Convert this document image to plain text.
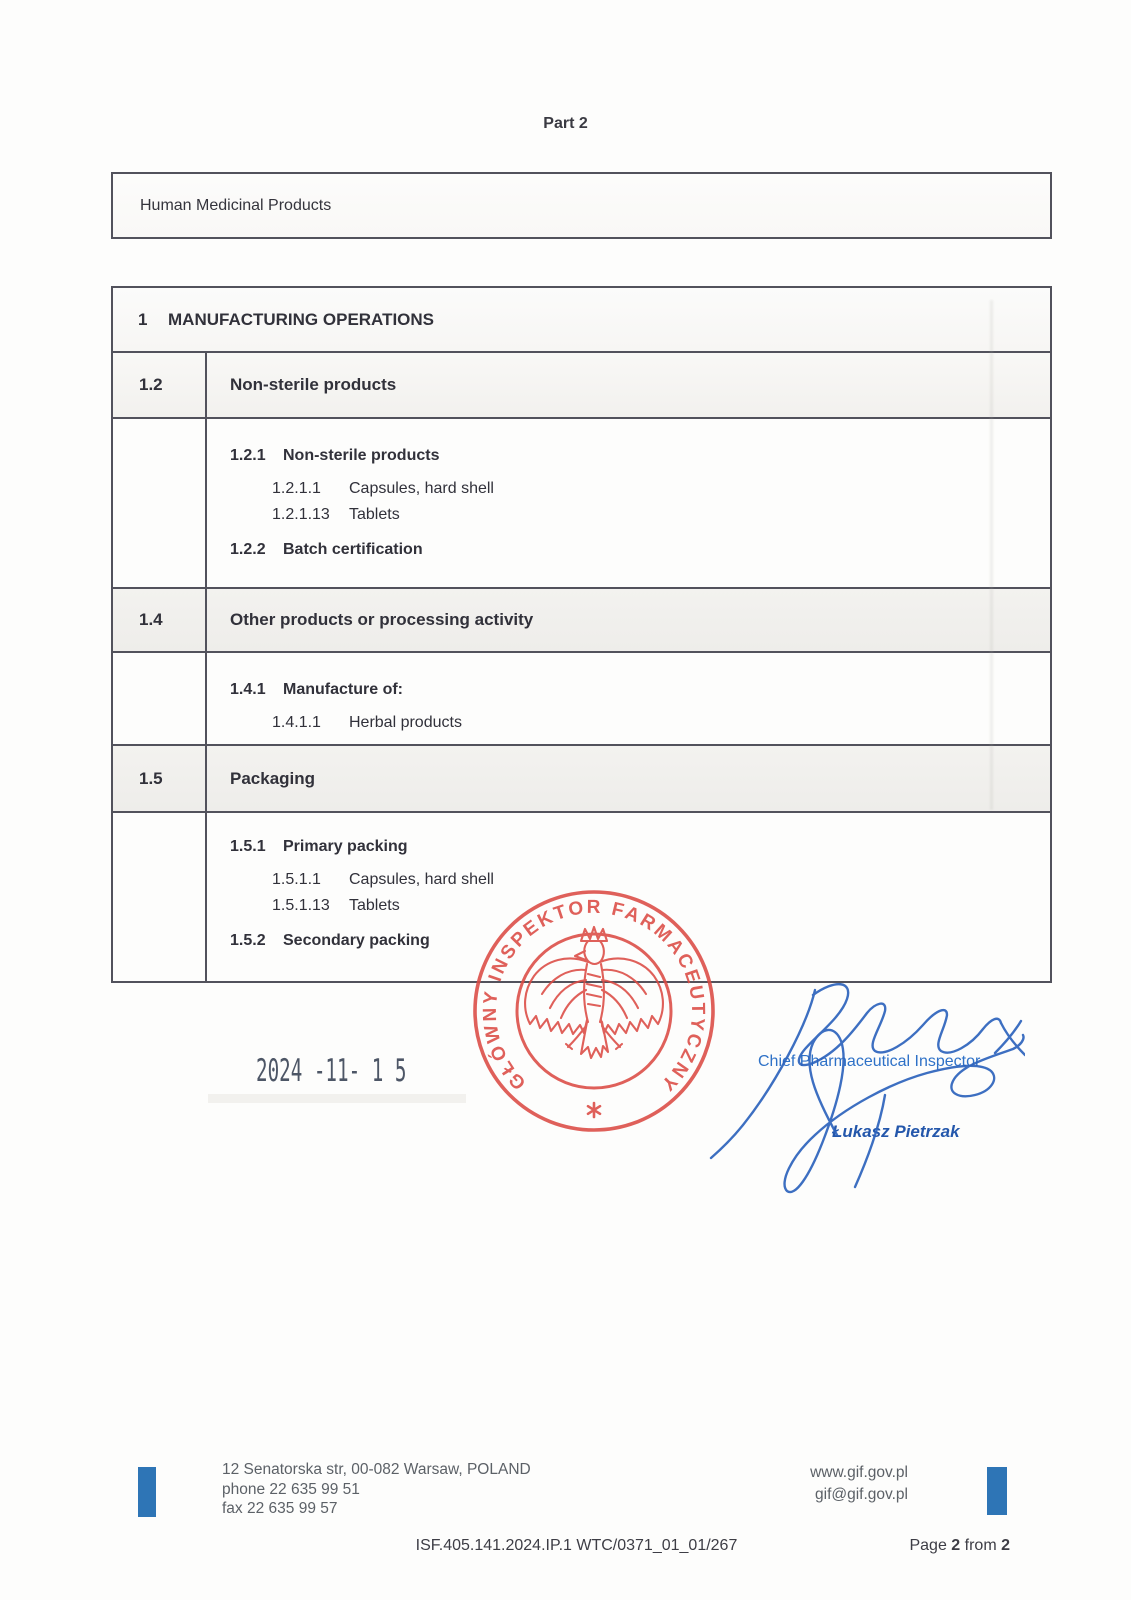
Part 2
Human Medicinal Products
1	MANUFACTURING OPERATIONS
1.2	Non-sterile products
1.2.1	Non-sterile products
1.2.1.1	Capsules, hard shell
1.2.1.13	Tablets
1.2.2	Batch certification
1.4	Other products or processing activity
1.4.1	Manufacture of:
1.4.1.1	Herbal products
1.5	Packaging
1.5.1	Primary packing
1.5.1.1	Capsules, hard shell
1.5.1.13	Tablets
1.5.2	Secondary packing
2024 -11- 1 5	GŁÓWNY INSPEKTOR FARMACEUTYCZNY
Chief Pharmaceutical Inspector
Łukasz Pietrzak
12 Senatorska str, 00-082 Warsaw, POLAND
phone 22 635 99 51
fax 22 635 99 57
www.gif.gov.pl
gif@gif.gov.pl
ISF.405.141.2024.IP.1 WTC/0371_01_01/267	Page 2 from 2
